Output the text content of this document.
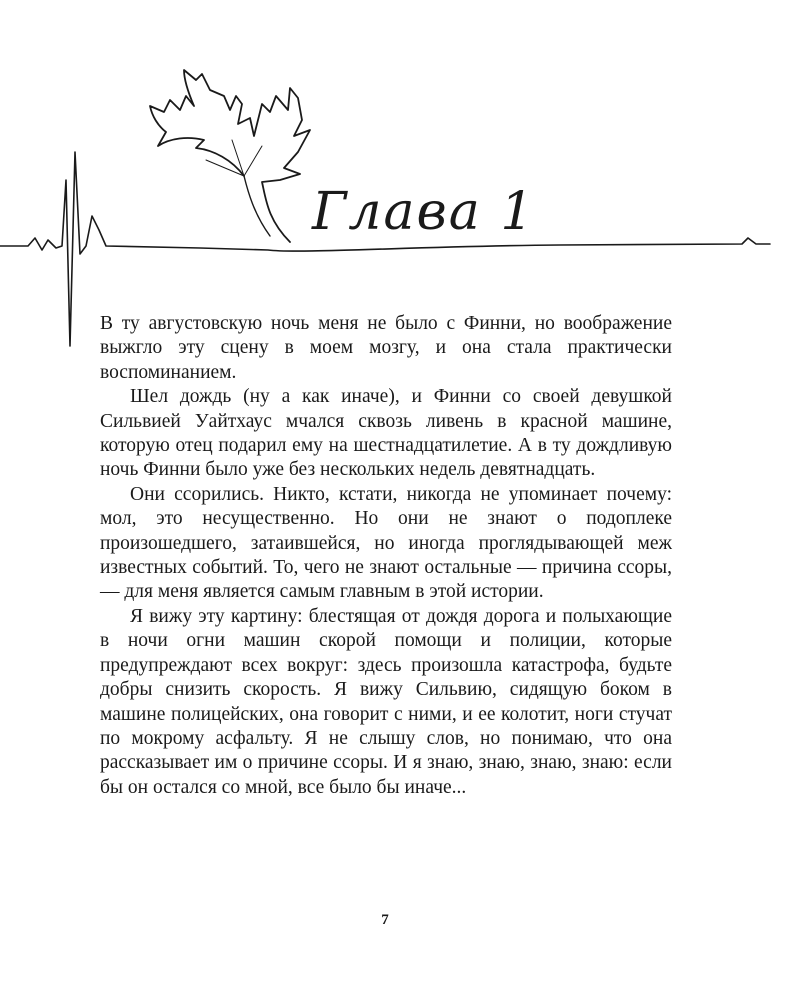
Глава 1

В ту августовскую ночь меня не было с Финни, но воображение выжгло эту сцену в моем мозгу, и она стала практически воспоминанием.

Шел дождь (ну а как иначе), и Финни со своей девушкой Сильвией Уайтхаус мчался сквозь ливень в красной машине, которую отец подарил ему на шестнадцатилетие. А в ту дождливую ночь Финни было уже без нескольких недель девятнадцать.

Они ссорились. Никто, кстати, никогда не упоминает почему: мол, это несущественно. Но они не знают о подоплеке произошедшего, затаившейся, но иногда проглядывающей меж известных событий. То, чего не знают остальные — причина ссоры, — для меня является самым главным в этой истории.

Я вижу эту картину: блестящая от дождя дорога и полыхающие в ночи огни машин скорой помощи и полиции, которые предупреждают всех вокруг: здесь произошла катастрофа, будьте добры снизить скорость. Я вижу Сильвию, сидящую боком в машине полицейских, она говорит с ними, и ее колотит, ноги стучат по мокрому асфальту. Я не слышу слов, но понимаю, что она рассказывает им о причине ссоры. И я знаю, знаю, знаю, знаю: если бы он остался со мной, все было бы иначе...

7
